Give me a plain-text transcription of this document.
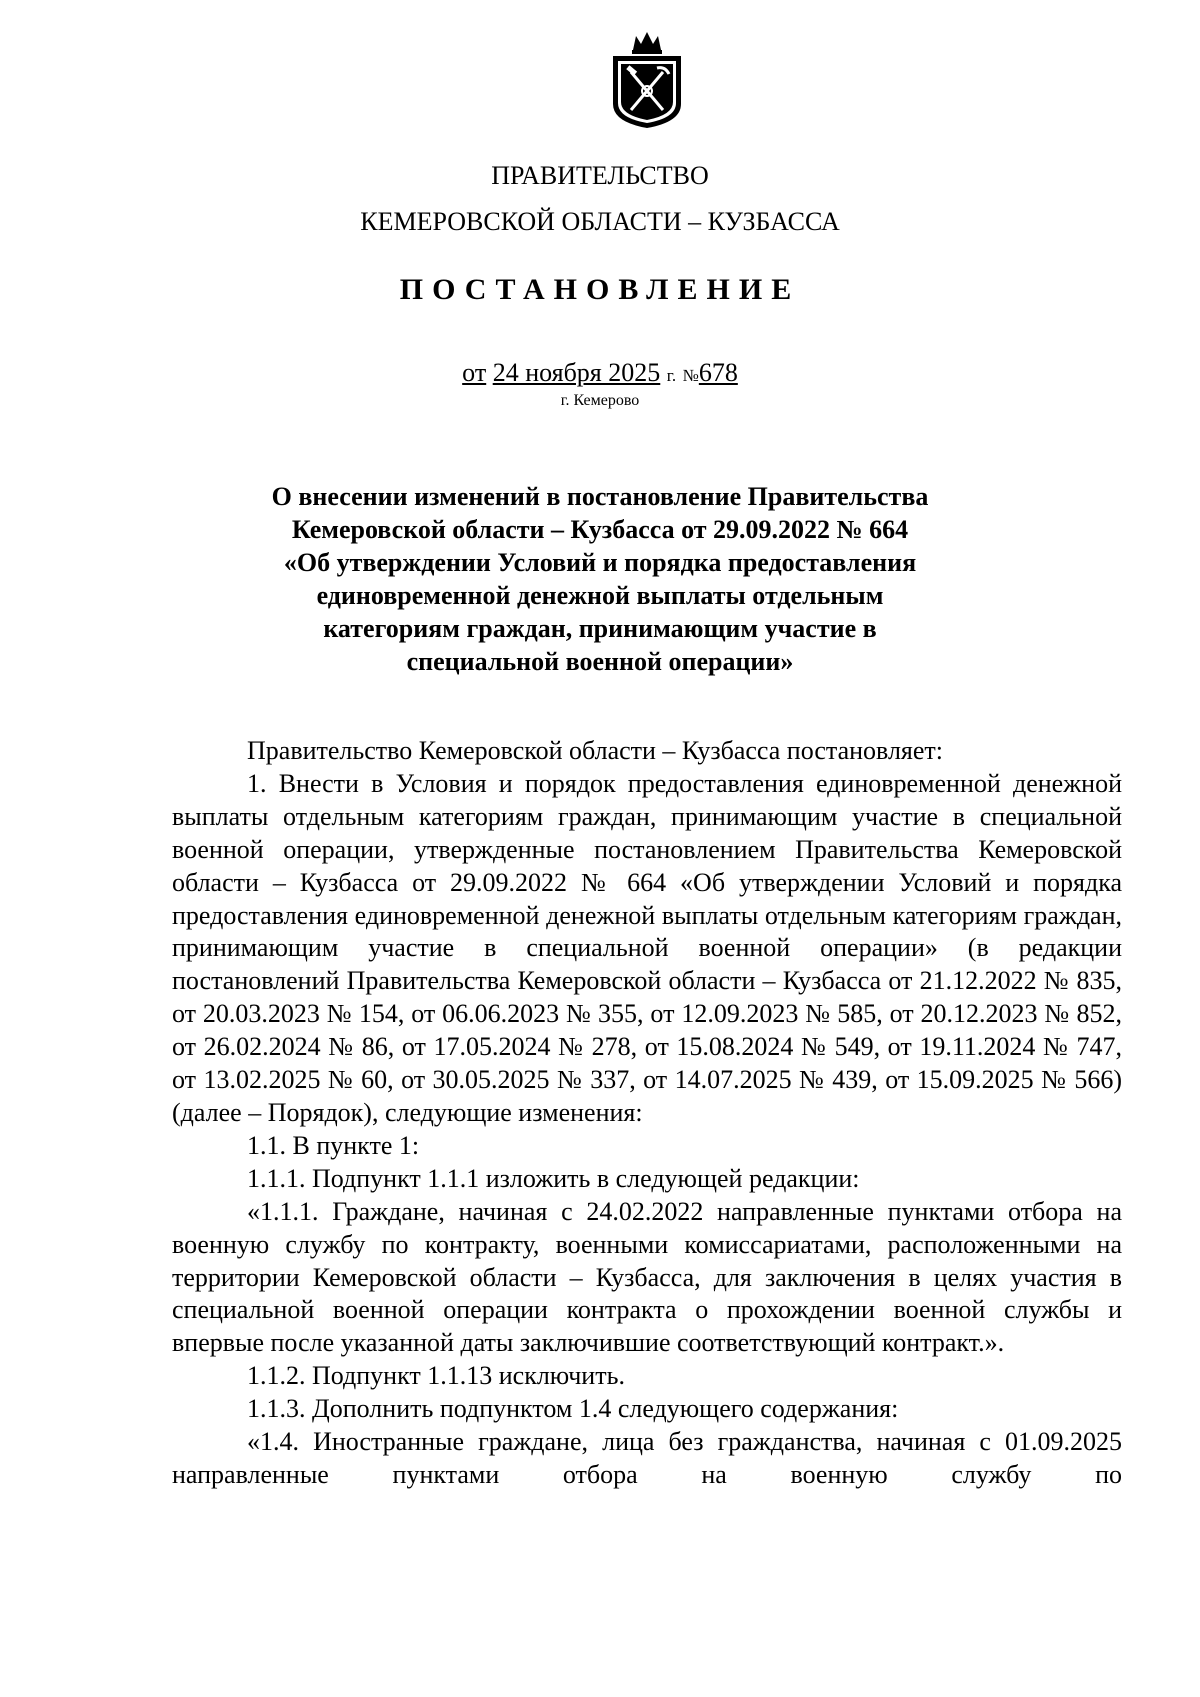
ПРАВИТЕЛЬСТВО
КЕМЕРОВСКОЙ ОБЛАСТИ – КУЗБАССА
ПОСТАНОВЛЕНИЕ
от 24 ноября 2025 г. №678
г. Кемерово
О внесении изменений в постановление Правительства
Кемеровской области – Кузбасса от 29.09.2022 № 664
«Об утверждении Условий и порядка предоставления
единовременной денежной выплаты отдельным
категориям граждан, принимающим участие в
специальной военной операции»

Правительство Кемеровской области – Кузбасса постановляет:

1. Внести в Условия и порядок предоставления единовременной денежной выплаты отдельным категориям граждан, принимающим участие в специальной военной операции, утвержденные постановлением Правительства Кемеровской области – Кузбасса от 29.09.2022 № 664 «Об утверждении Условий и порядка предоставления единовременной денежной выплаты отдельным категориям граждан, принимающим участие в специальной военной операции» (в редакции постановлений Правительства Кемеровской области – Кузбасса от 21.12.2022 № 835, от 20.03.2023 № 154, от 06.06.2023 № 355, от 12.09.2023 № 585, от 20.12.2023 № 852, от 26.02.2024 № 86, от 17.05.2024 № 278, от 15.08.2024 № 549, от 19.11.2024 № 747, от 13.02.2025 № 60, от 30.05.2025 № 337, от 14.07.2025 № 439, от 15.09.2025 № 566) (далее – Порядок), следующие изменения:

1.1. В пункте 1:

1.1.1. Подпункт 1.1.1 изложить в следующей редакции:

«1.1.1. Граждане, начиная с 24.02.2022 направленные пунктами отбора на военную службу по контракту, военными комиссариатами, расположенными на территории Кемеровской области – Кузбасса, для заключения в целях участия в специальной военной операции контракта о прохождении военной службы и впервые после указанной даты заключившие соответствующий контракт.».

1.1.2. Подпункт 1.1.13 исключить.

1.1.3. Дополнить подпунктом 1.4 следующего содержания:

«1.4. Иностранные граждане, лица без гражданства, начиная с 01.09.2025 направленные пунктами отбора на военную службу по
